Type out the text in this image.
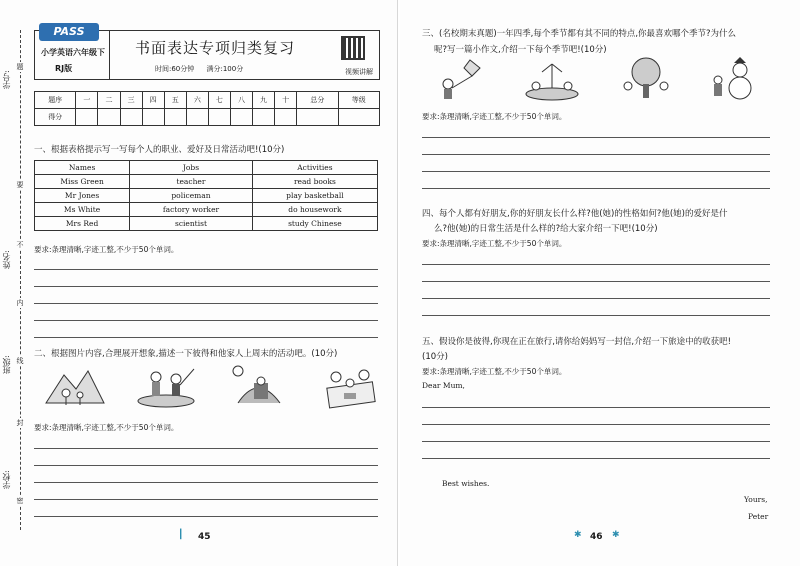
学号:
姓名:
班级:
学校:
题
要
不
内
线
封
密
PASS
小学英语六年级下
RJ版
书面表达专项归类复习
时间:60分钟 满分:100分	视频讲解
题序	一	二	三	四	五	六	七	八	九	十	总分	等级
得分												
一、根据表格提示写一写每个人的职业、爱好及日常活动吧!(10分)
Names	Jobs	Activities
Miss Green	teacher	read books
Mr Jones	policeman	play basketball
Ms White	factory worker	do housework
Mrs Red	scientist	study Chinese
要求:条理清晰,字迹工整,不少于50个单词。
二、根据图片内容,合理展开想象,描述一下彼得和他家人上周末的活动吧。(10分)
要求:条理清晰,字迹工整,不少于50个单词。
┃ 45
三、(名校期末真题)一年四季,每个季节都有其不同的特点,你最喜欢哪个季节?为什么
呢?写一篇小作文,介绍一下每个季节吧!(10分)
要求:条理清晰,字迹工整,不少于50个单词。
四、每个人都有好朋友,你的好朋友长什么样?他(她)的性格如何?他(她)的爱好是什
么?他(她)的日常生活是什么样的?给大家介绍一下吧!(10分)
要求:条理清晰,字迹工整,不少于50个单词。
五、假设你是彼得,你现在正在旅行,请你给妈妈写一封信,介绍一下旅途中的收获吧!
(10分)
要求:条理清晰,字迹工整,不少于50个单词。
Dear Mum,
Best wishes.
Yours,
Peter
✱ 46 ✱
